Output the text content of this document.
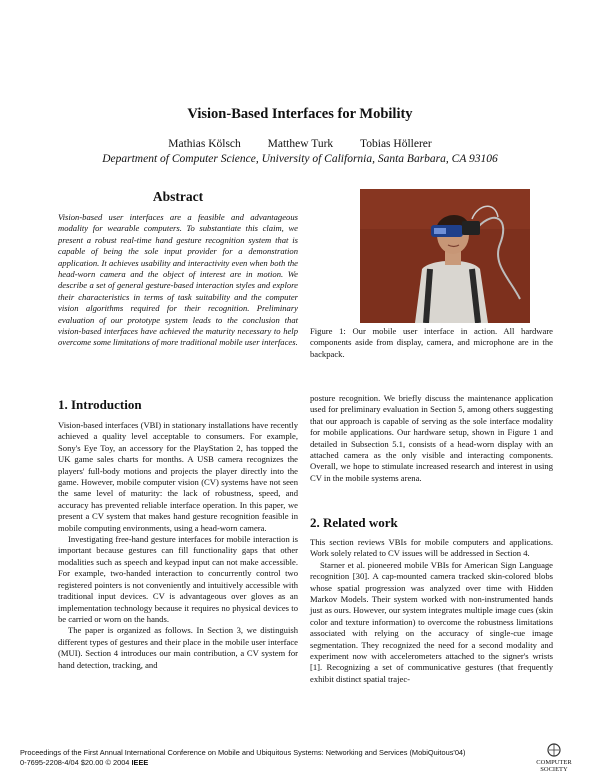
Vision-Based Interfaces for Mobility
Mathias Kölsch Matthew Turk Tobias Höllerer
Department of Computer Science, University of California, Santa Barbara, CA 93106
Abstract
Vision-based user interfaces are a feasible and advantageous modality for wearable computers. To substantiate this claim, we present a robust real-time hand gesture recognition system that is capable of being the sole input provider for a demonstration application. It achieves usability and interactivity even when both the head-worn camera and the object of interest are in motion. We describe a set of general gesture-based interaction styles and explore their characteristics in terms of task suitability and the computer vision algorithms required for their recognition. Preliminary evaluation of our prototype system leads to the conclusion that vision-based interfaces have achieved the maturity necessary to help overcome some limitations of more traditional mobile user interfaces.
Figure 1: Our mobile user interface in action. All hardware components aside from display, camera, and microphone are in the backpack.
1. Introduction

Vision-based interfaces (VBI) in stationary installations have recently achieved a quality level acceptable to consumers. For example, Sony's Eye Toy, an accessory for the PlayStation 2, has topped the UK game sales charts for months. A USB camera recognizes the players' full-body motions and projects the player directly into the game. However, mobile computer vision (CV) systems have not seen the same level of maturity: the lack of robustness, speed, and accuracy has prevented reliable interface operation. In this paper, we present a CV system that makes hand gesture recognition feasible in mobile computing environments, using a head-worn camera.

Investigating free-hand gesture interfaces for mobile interaction is important because gestures can fill functionality gaps that other modalities such as speech and keypad input can not make accessible. For example, two-handed interaction to concurrently control two registered pointers is not conveniently and intuitively accessible with traditional input devices. CV is advantageous over gloves as an implementation technology because it requires no physical devices to be carried or worn on the hands.

The paper is organized as follows. In Section 3, we distinguish different types of gestures and their place in the mobile user interface (MUI). Section 4 introduces our main contribution, a CV system for hand detection, tracking, and

posture recognition. We briefly discuss the maintenance application used for preliminary evaluation in Section 5, among others suggesting that our approach is capable of serving as the sole interface modality for mobile applications. Our hardware setup, shown in Figure 1 and detailed in Subsection 5.1, consists of a head-worn display with an attached camera as the only visible and interacting components. Overall, we hope to stimulate increased research and interest in using CV in the mobile systems arena.

2. Related work

This section reviews VBIs for mobile computers and applications. Work solely related to CV issues will be addressed in Section 4.

Starner et al. pioneered mobile VBIs for American Sign Language recognition [30]. A cap-mounted camera tracked skin-colored blobs whose spatial progression was analyzed over time with Hidden Markov Models. Their system worked with non-instrumented hands just as ours. However, our system integrates multiple image cues (skin color and texture information) to overcome the robustness limitations associated with relying on the accuracy of single-cue image segmentation. They recognized the need for a second modality and experiment now with accelerometers attached to the signer's wrists [1]. Recognizing a set of communicative gestures (that frequently exhibit distinct spatial trajec-

Proceedings of the First Annual International Conference on Mobile and Ubiquitous Systems: Networking and Services (MobiQuitous'04)
0-7695-2208-4/04 $20.00 © 2004 IEEE	COMPUTER
SOCIETY
